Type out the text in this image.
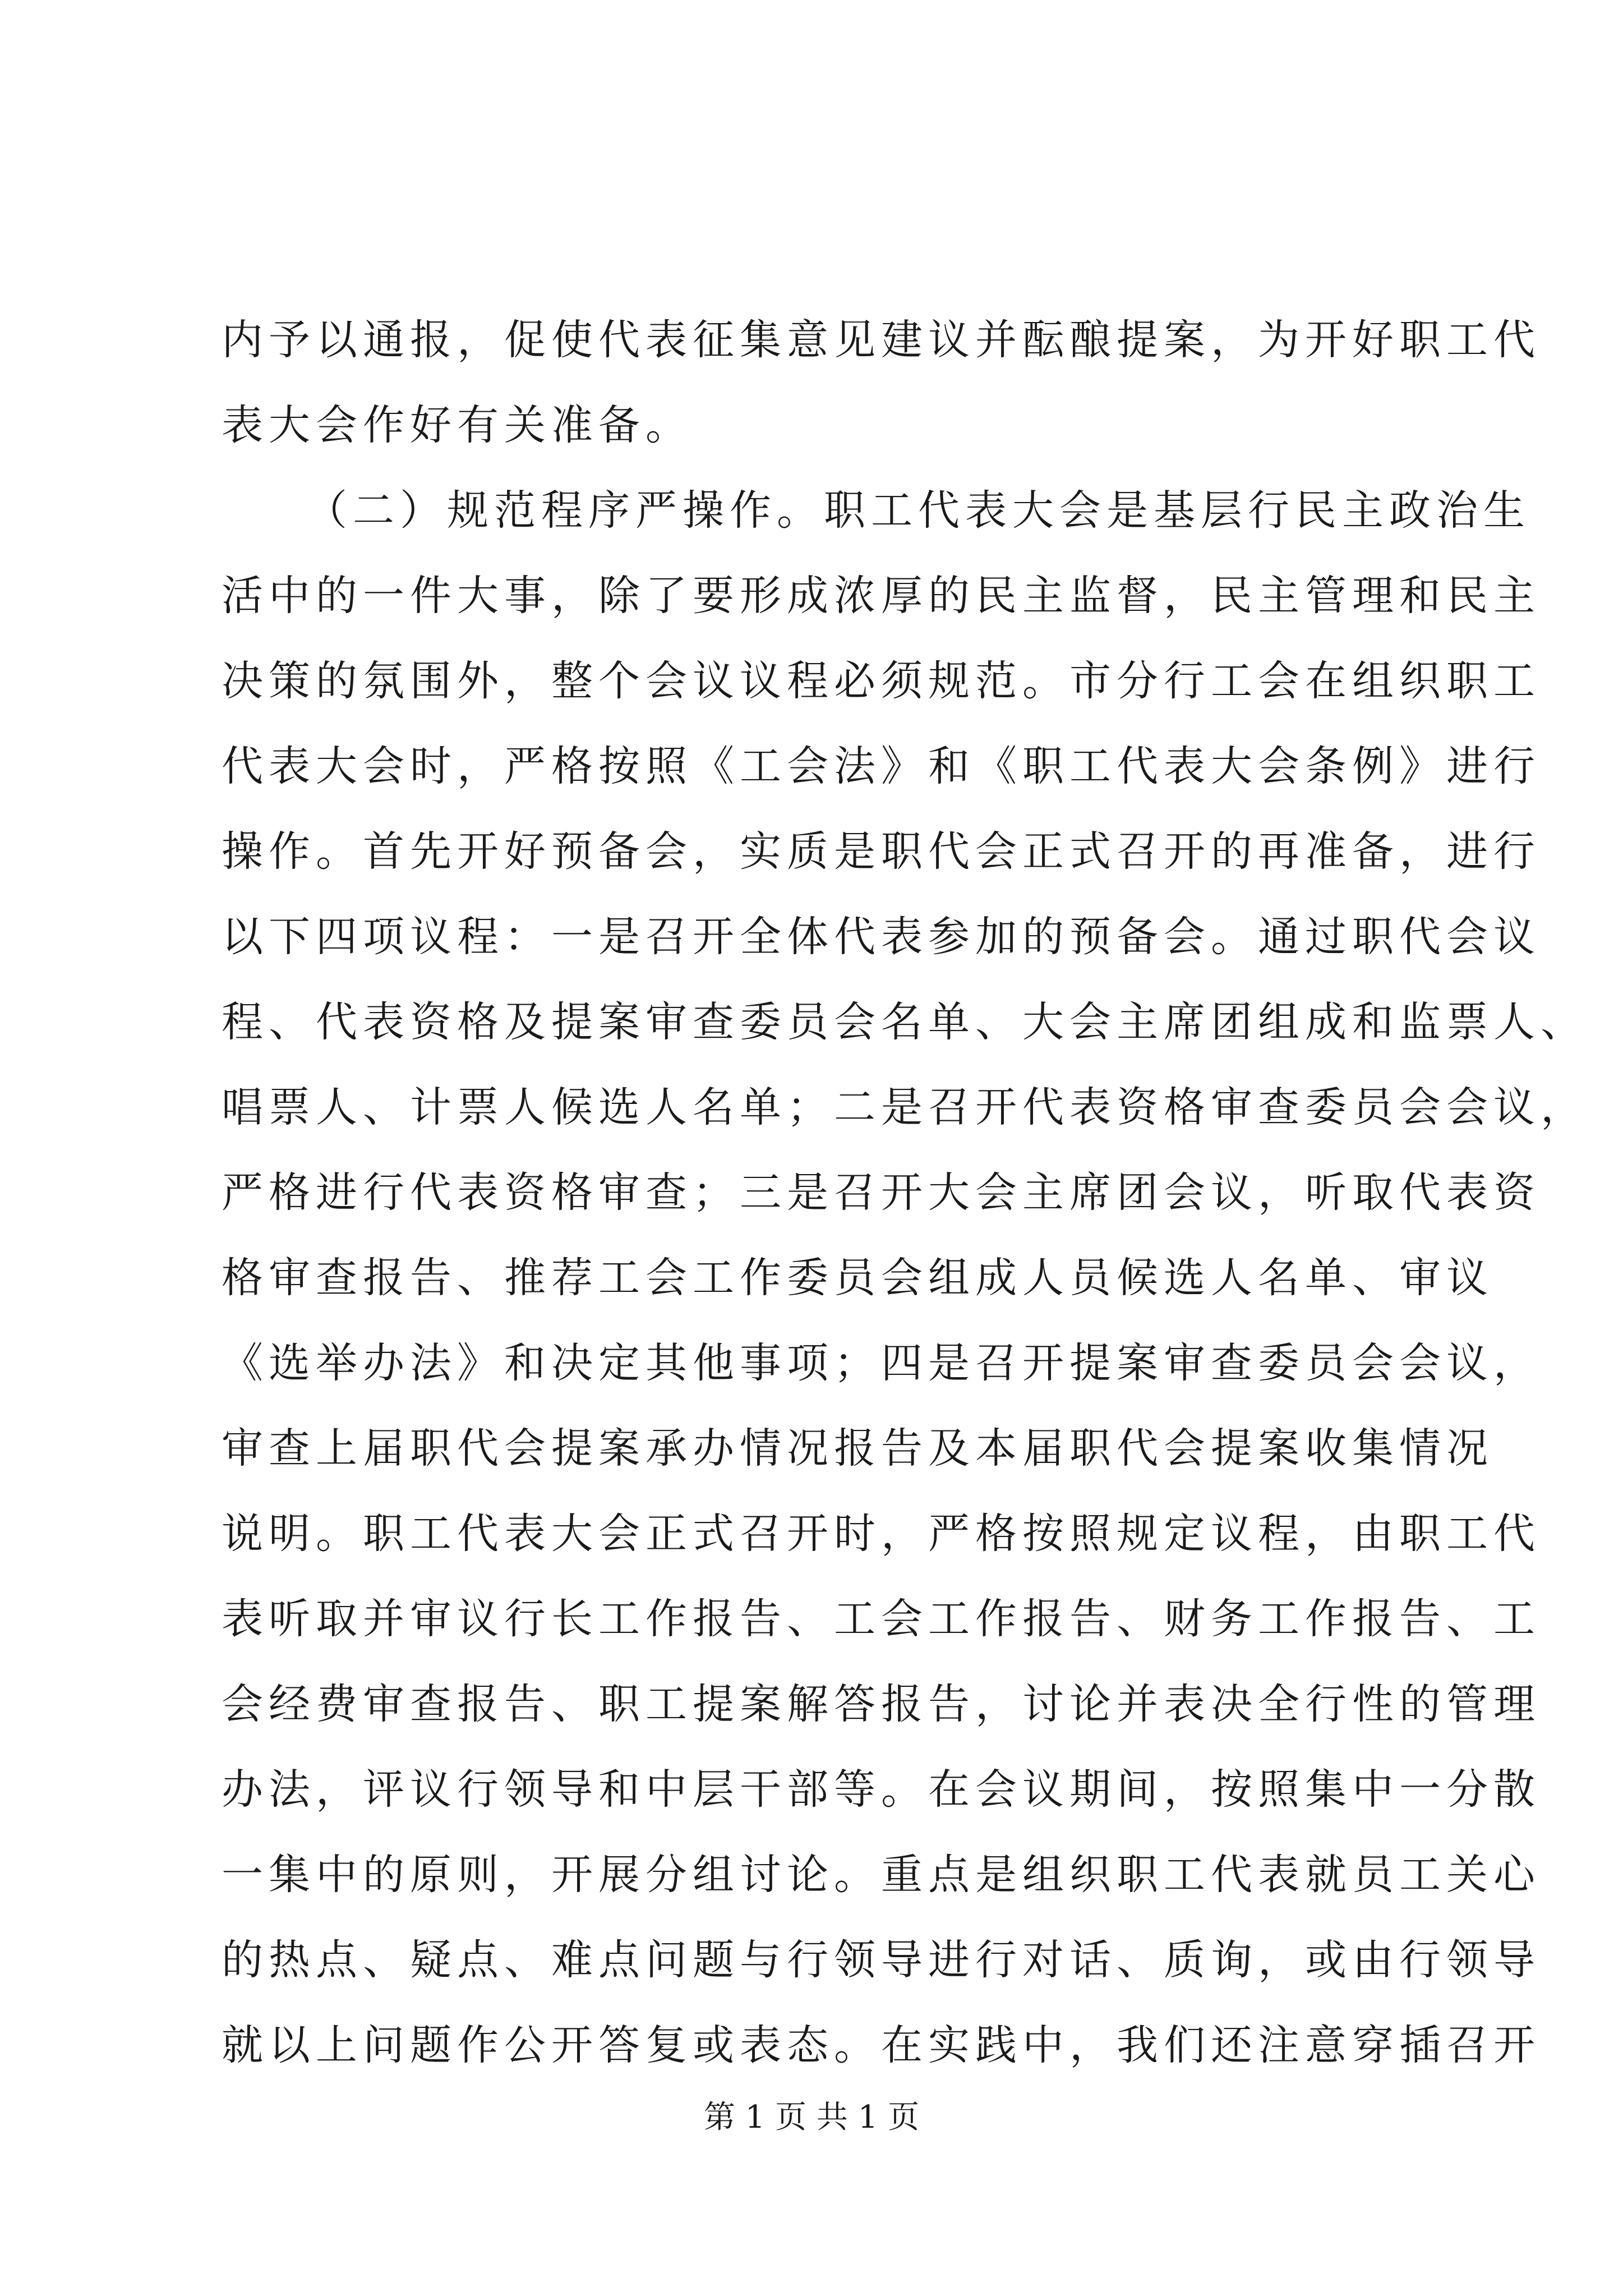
内予以通报，促使代表征集意见建议并酝酿提案，为开好职工代
表大会作好有关准备。
（二）规范程序严操作。职工代表大会是基层行民主政治生
活中的一件大事，除了要形成浓厚的民主监督，民主管理和民主
决策的氛围外，整个会议议程必须规范。市分行工会在组织职工
代表大会时，严格按照《工会法》和《职工代表大会条例》进行
操作。首先开好预备会，实质是职代会正式召开的再准备，进行
以下四项议程：一是召开全体代表参加的预备会。通过职代会议
程、代表资格及提案审查委员会名单、大会主席团组成和监票人、
唱票人、计票人候选人名单；二是召开代表资格审查委员会会议，
严格进行代表资格审查；三是召开大会主席团会议，听取代表资
格审查报告、推荐工会工作委员会组成人员候选人名单、审议
《选举办法》和决定其他事项；四是召开提案审查委员会会议，
审查上届职代会提案承办情况报告及本届职代会提案收集情况
说明。职工代表大会正式召开时，严格按照规定议程，由职工代
表听取并审议行长工作报告、工会工作报告、财务工作报告、工
会经费审查报告、职工提案解答报告，讨论并表决全行性的管理
办法，评议行领导和中层干部等。在会议期间，按照集中一分散
一集中的原则，开展分组讨论。重点是组织职工代表就员工关心
的热点、疑点、难点问题与行领导进行对话、质询，或由行领导
就以上问题作公开答复或表态。在实践中，我们还注意穿插召开
第 1 页 共 1 页
